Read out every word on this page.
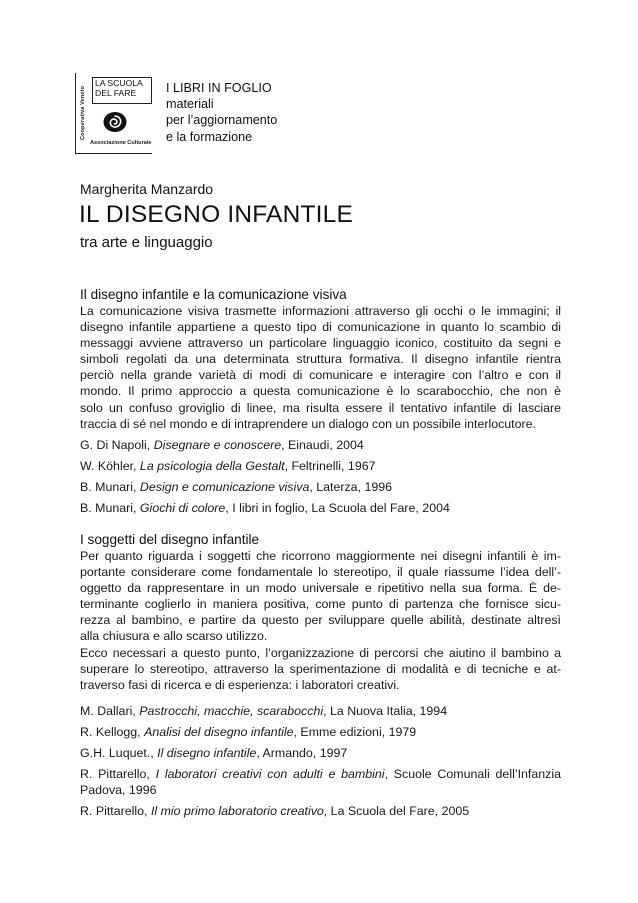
Cooperativa Veneto
LA SCUOLA
DEL FARE
Associazione Culturale
I LIBRI IN FOGLIO
materiali
per l’aggiornamento
e la formazione
Margherita Manzardo
IL DISEGNO INFANTILE
tra arte e linguaggio
Il disegno infantile e la comunicazione visiva
La comunicazione visiva trasmette informazioni attraverso gli occhi o le immagini; il
disegno infantile appartiene a questo tipo di comunicazione in quanto lo scambio di
messaggi avviene attraverso un particolare linguaggio iconico, costituito da segni e
simboli regolati da una determinata struttura formativa. Il disegno infantile rientra
perciò nella grande varietà di modi di comunicare e interagire con l’altro e con il
mondo. Il primo approccio a questa comunicazione è lo scarabocchio, che non è
solo un confuso groviglio di linee, ma risulta essere il tentativo infantile di lasciare
traccia di sé nel mondo e di intraprendere un dialogo con un possibile interlocutore.
G. Di Napoli, Disegnare e conoscere, Einaudi, 2004
W. Köhler, La psicologia della Gestalt, Feltrinelli, 1967
B. Munari, Design e comunicazione visiva, Laterza, 1996
B. Munari, Giochi di colore, I libri in foglio, La Scuola del Fare, 2004
I soggetti del disegno infantile
Per quanto riguarda i soggetti che ricorrono maggiormente nei disegni infantili è im-
portante considerare come fondamentale lo stereotipo, il quale riassume l’idea dell’-
oggetto da rappresentare in un modo universale e ripetitivo nella sua forma. È de-
terminante coglierlo in maniera positiva, come punto di partenza che fornisce sicu-
rezza al bambino, e partire da questo per sviluppare quelle abilità, destinate altresì
alla chiusura e allo scarso utilizzo.
Ecco necessari a questo punto, l’organizzazione di percorsi che aiutino il bambino a
superare lo stereotipo, attraverso la sperimentazione di modalità e di tecniche e at-
traverso fasi di ricerca e di esperienza: i laboratori creativi.
M. Dallari, Pastrocchi, macchie, scarabocchi, La Nuova Italia, 1994
R. Kellogg, Analisi del disegno infantile, Emme edizioni, 1979
G.H. Luquet., Il disegno infantile, Armando, 1997
R. Pittarello, I laboratori creativi con adulti e bambini, Scuole Comunali dell’Infanzia
Padova, 1996
R. Pittarello, Il mio primo laboratorio creativo, La Scuola del Fare, 2005
